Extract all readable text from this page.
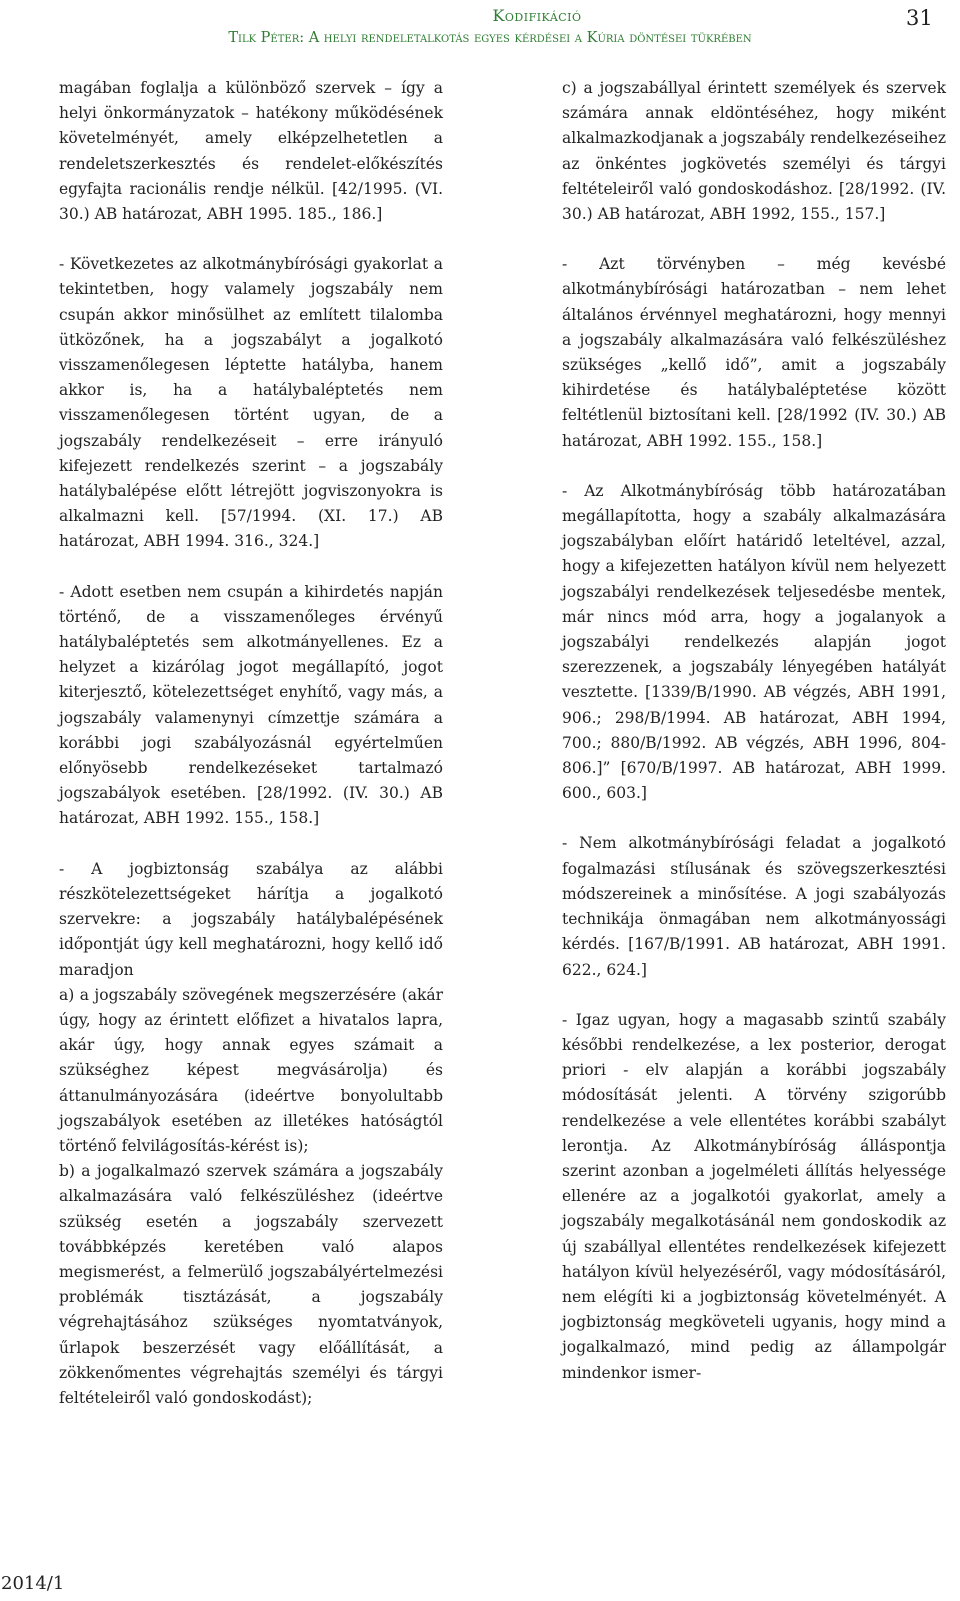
Kodifikáció
Tilk Péter: A helyi rendeletalkotás egyes kérdései a Kúria döntései tükrében
31

magában foglalja a különböző szervek – így a helyi önkormányzatok – hatékony működésének követelményét, amely elképzelhetetlen a rendeletszerkesztés és rendelet-előkészítés egyfajta racionális rendje nélkül. [42/1995. (VI. 30.) AB határozat, ABH 1995. 185., 186.]

- Következetes az alkotmánybírósági gyakorlat a tekintetben, hogy valamely jogszabály nem csupán akkor minősülhet az említett tilalomba ütközőnek, ha a jogszabályt a jogalkotó visszamenőlegesen léptette hatályba, hanem akkor is, ha a hatálybaléptetés nem visszamenőlegesen történt ugyan, de a jogszabály rendelkezéseit – erre irányuló kifejezett rendelkezés szerint – a jogszabály hatálybalépése előtt létrejött jogviszonyokra is alkalmazni kell. [57/1994. (XI. 17.) AB határozat, ABH 1994. 316., 324.]

- Adott esetben nem csupán a kihirdetés napján történő, de a visszamenőleges érvényű hatálybaléptetés sem alkotmányellenes. Ez a helyzet a kizárólag jogot megállapító, jogot kiterjesztő, kötelezettséget enyhítő, vagy más, a jogszabály valamenynyi címzettje számára a korábbi jogi szabályozásnál egyértelműen előnyösebb rendelkezéseket tartalmazó jogszabályok esetében. [28/1992. (IV. 30.) AB határozat, ABH 1992. 155., 158.]

- A jogbiztonság szabálya az alábbi részkötelezettségeket hárítja a jogalkotó szervekre: a jogszabály hatálybalépésének időpontját úgy kell meghatározni, hogy kellő idő maradjon

a) a jogszabály szövegének megszerzésére (akár úgy, hogy az érintett előfizet a hivatalos lapra, akár úgy, hogy annak egyes számait a szükséghez képest megvásárolja) és áttanulmányozására (ideértve bonyolultabb jogszabályok esetében az illetékes hatóságtól történő felvilágosítás-kérést is);

b) a jogalkalmazó szervek számára a jogszabály alkalmazására való felkészüléshez (ideértve szükség esetén a jogszabály szervezett továbbképzés keretében való alapos megismerést, a felmerülő jogszabályértelmezési problémák tisztázását, a jogszabály végrehajtásához szükséges nyomtatványok, űrlapok beszerzését vagy előállítását, a zökkenőmentes végrehajtás személyi és tárgyi feltételeiről való gondoskodást);

c) a jogszabállyal érintett személyek és szervek számára annak eldöntéséhez, hogy miként alkalmazkodjanak a jogszabály rendelkezéseihez az önkéntes jogkövetés személyi és tárgyi feltételeiről való gondoskodáshoz. [28/1992. (IV. 30.) AB határozat, ABH 1992, 155., 157.]

- Azt törvényben – még kevésbé alkotmánybírósági határozatban – nem lehet általános érvénnyel meghatározni, hogy mennyi a jogszabály alkalmazására való felkészüléshez szükséges „kellő idő”, amit a jogszabály kihirdetése és hatálybaléptetése között feltétlenül biztosítani kell. [28/1992 (IV. 30.) AB határozat, ABH 1992. 155., 158.]

- Az Alkotmánybíróság több határozatában megállapította, hogy a szabály alkalmazására jogszabályban előírt határidő leteltével, azzal, hogy a kifejezetten hatályon kívül nem helyezett jogszabályi rendelkezések teljesedésbe mentek, már nincs mód arra, hogy a jogalanyok a jogszabályi rendelkezés alapján jogot szerezzenek, a jogszabály lényegében hatályát vesztette. [1339/B/1990. AB végzés, ABH 1991, 906.; 298/B/1994. AB határozat, ABH 1994, 700.; 880/B/1992. AB végzés, ABH 1996, 804-806.]” [670/B/1997. AB határozat, ABH 1999. 600., 603.]

- Nem alkotmánybírósági feladat a jogalkotó fogalmazási stílusának és szövegszerkesztési módszereinek a minősítése. A jogi szabályozás technikája önmagában nem alkotmányossági kérdés. [167/B/1991. AB határozat, ABH 1991. 622., 624.]

- Igaz ugyan, hogy a magasabb szintű szabály későbbi rendelkezése, a lex posterior, derogat priori - elv alapján a korábbi jogszabály módosítását jelenti. A törvény szigorúbb rendelkezése a vele ellentétes korábbi szabályt lerontja. Az Alkotmánybíróság álláspontja szerint azonban a jogelméleti állítás helyessége ellenére az a jogalkotói gyakorlat, amely a jogszabály megalkotásánál nem gondoskodik az új szabállyal ellentétes rendelkezések kifejezett hatályon kívül helyezéséről, vagy módosításáról, nem elégíti ki a jogbiztonság követelményét. A jogbiztonság megköveteli ugyanis, hogy mind a jogalkalmazó, mind pedig az állampolgár mindenkor ismer-

2014/1
